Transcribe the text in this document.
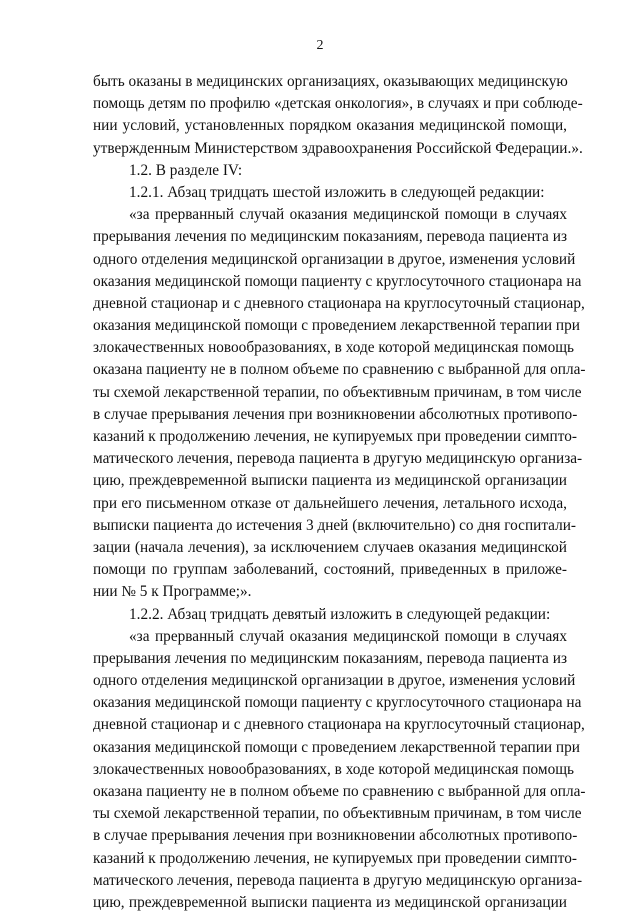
2
быть оказаны в медицинских организациях, оказывающих медицинскую
помощь детям по профилю «детская онкология», в случаях и при соблюде-
нии условий, установленных порядком оказания медицинской помощи,
утвержденным Министерством здравоохранения Российской Федерации.».
1.2. В разделе IV:
1.2.1. Абзац тридцать шестой изложить в следующей редакции:
«за прерванный случай оказания медицинской помощи в случаях
прерывания лечения по медицинским показаниям, перевода пациента из
одного отделения медицинской организации в другое, изменения условий
оказания медицинской помощи пациенту с круглосуточного стационара на
дневной стационар и с дневного стационара на круглосуточный стационар,
оказания медицинской помощи с проведением лекарственной терапии при
злокачественных новообразованиях, в ходе которой медицинская помощь
оказана пациенту не в полном объеме по сравнению с выбранной для опла-
ты схемой лекарственной терапии, по объективным причинам, в том числе
в случае прерывания лечения при возникновении абсолютных противопо-
казаний к продолжению лечения, не купируемых при проведении симпто-
матического лечения, перевода пациента в другую медицинскую организа-
цию, преждевременной выписки пациента из медицинской организации
при его письменном отказе от дальнейшего лечения, летального исхода,
выписки пациента до истечения 3 дней (включительно) со дня госпитали-
зации (начала лечения), за исключением случаев оказания медицинской
помощи по группам заболеваний, состояний, приведенных в приложе-
нии № 5 к Программе;».
1.2.2. Абзац тридцать девятый изложить в следующей редакции:
«за прерванный случай оказания медицинской помощи в случаях
прерывания лечения по медицинским показаниям, перевода пациента из
одного отделения медицинской организации в другое, изменения условий
оказания медицинской помощи пациенту с круглосуточного стационара на
дневной стационар и с дневного стационара на круглосуточный стационар,
оказания медицинской помощи с проведением лекарственной терапии при
злокачественных новообразованиях, в ходе которой медицинская помощь
оказана пациенту не в полном объеме по сравнению с выбранной для опла-
ты схемой лекарственной терапии, по объективным причинам, в том числе
в случае прерывания лечения при возникновении абсолютных противопо-
казаний к продолжению лечения, не купируемых при проведении симпто-
матического лечения, перевода пациента в другую медицинскую организа-
цию, преждевременной выписки пациента из медицинской организации
